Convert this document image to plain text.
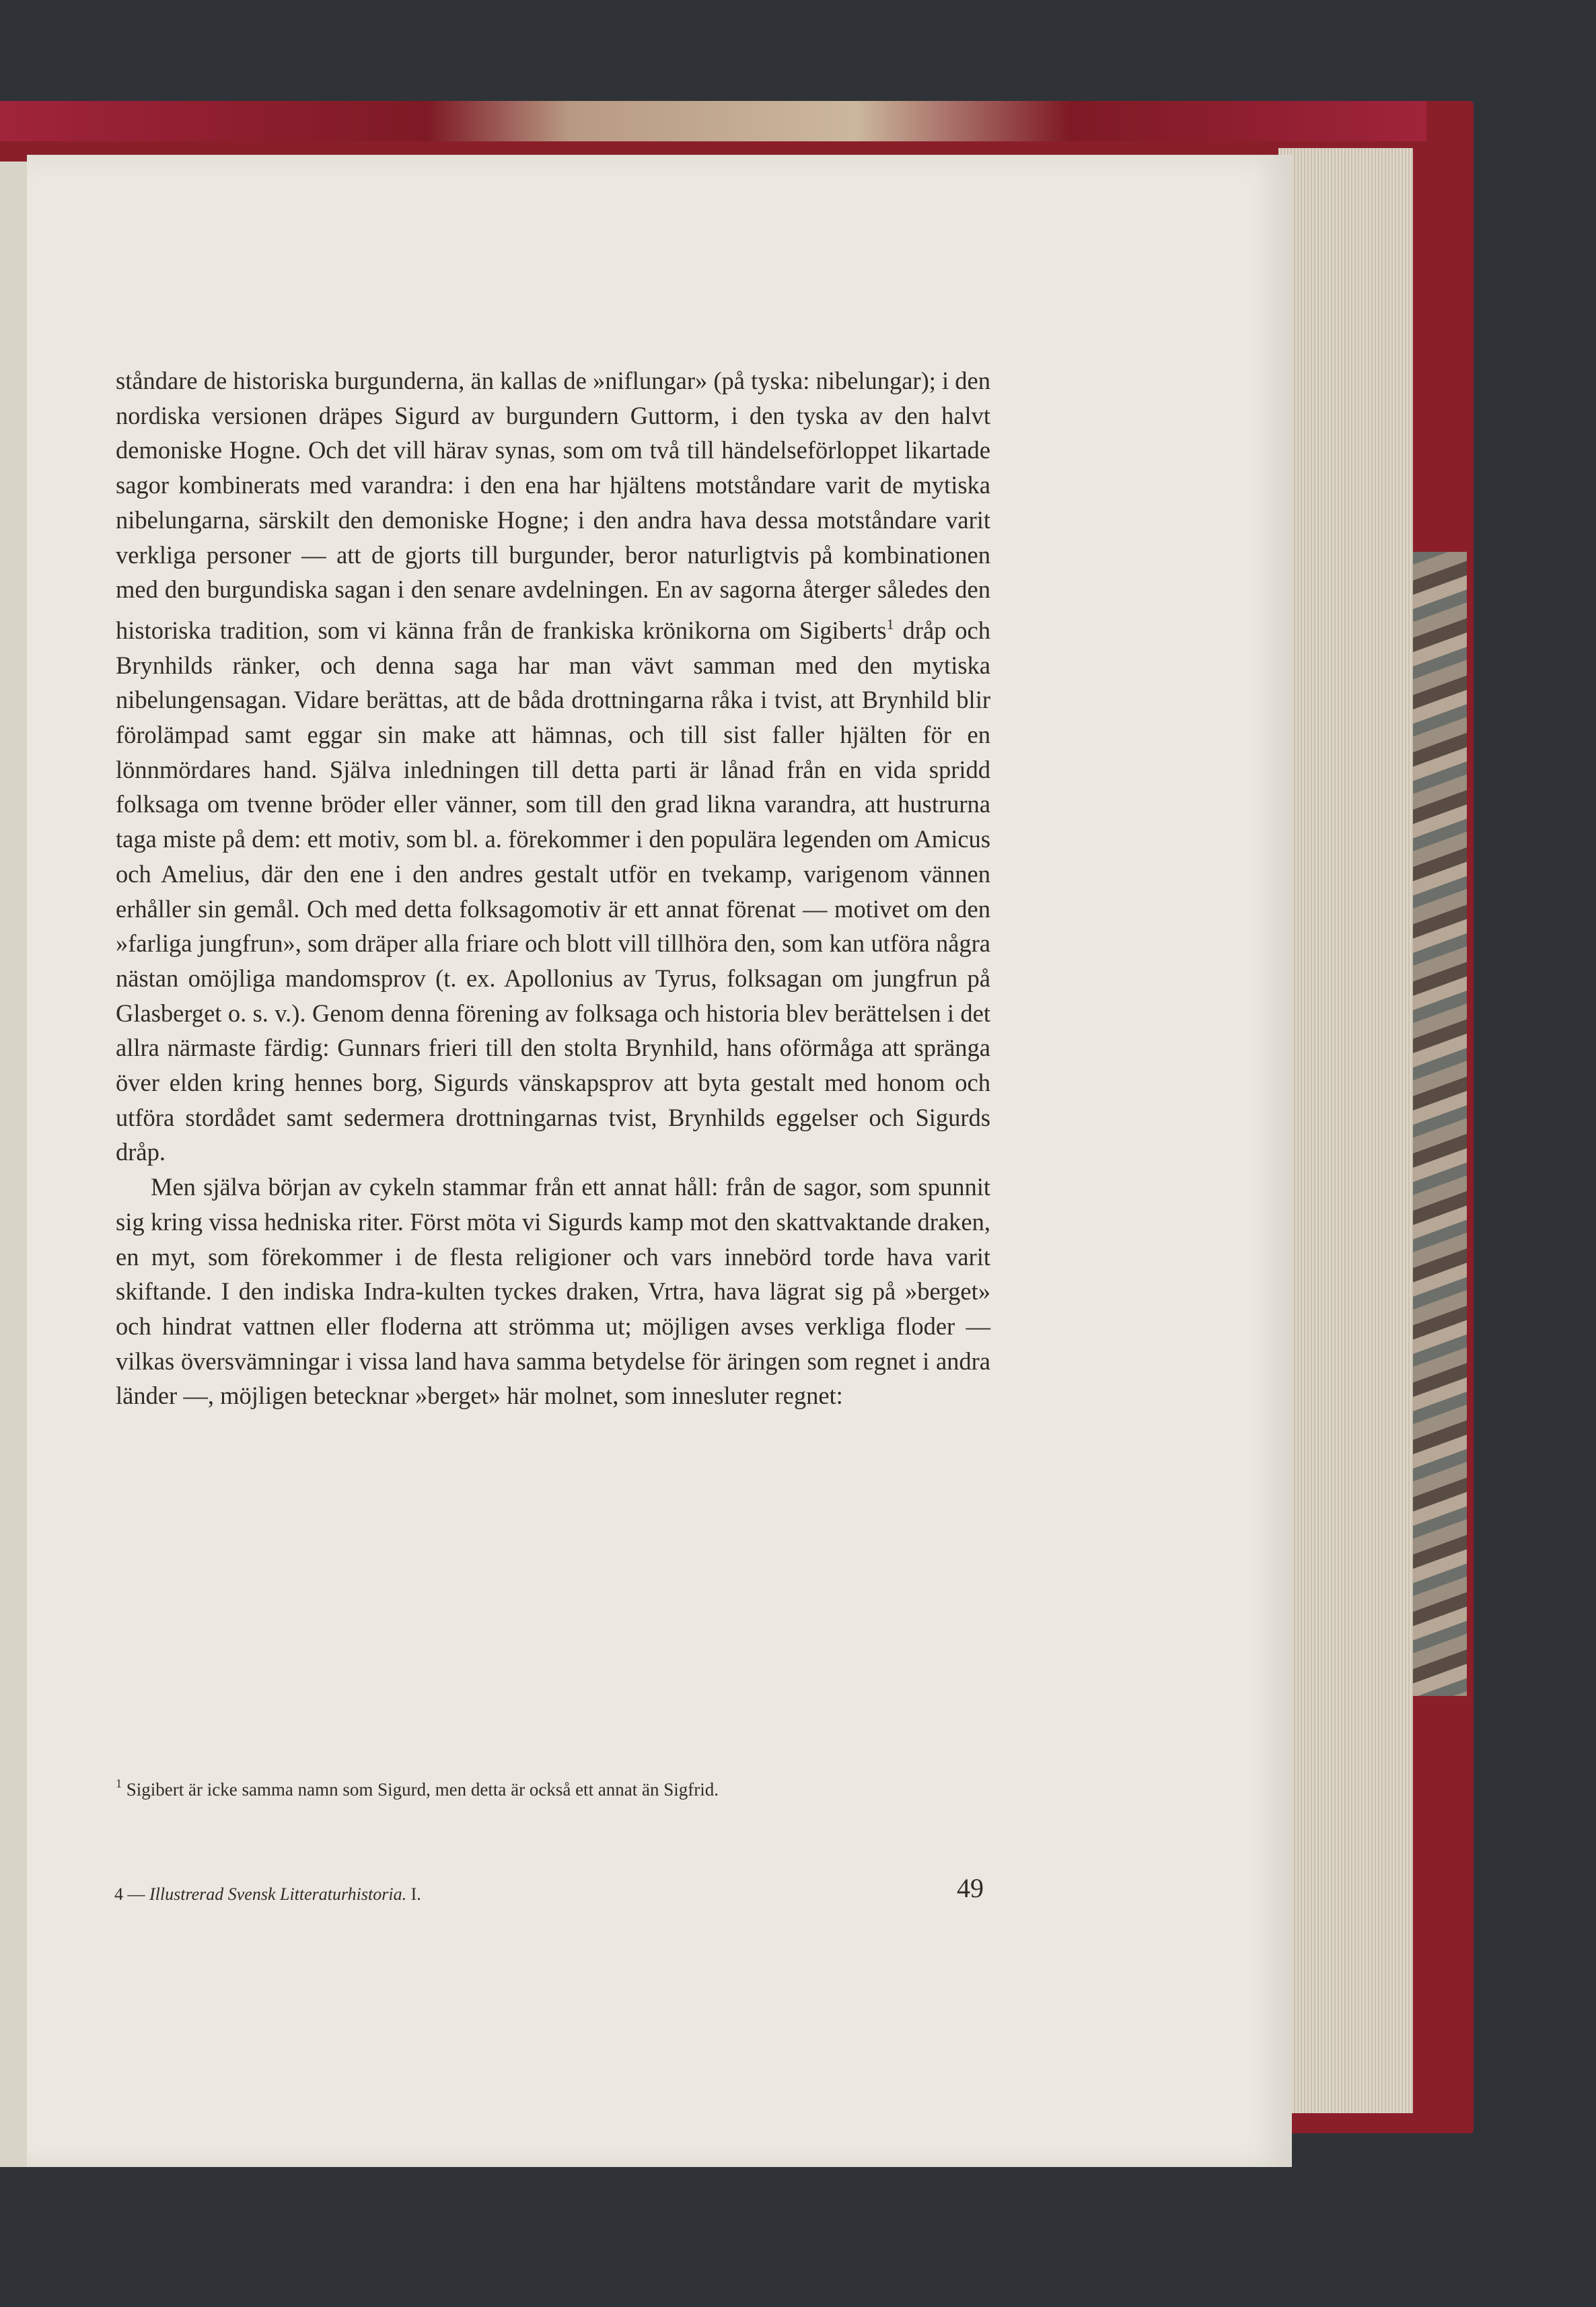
ståndare de historiska burgunderna, än kallas de »niflungar» (på tyska: nibelungar); i den nordiska versionen dräpes Sigurd av burgundern Guttorm, i den tyska av den halvt demoniske Hogne. Och det vill härav synas, som om två till händelseförloppet likartade sagor kombinerats med varandra: i den ena har hjältens motståndare varit de mytiska nibelungarna, särskilt den demoniske Hogne; i den andra hava dessa motståndare varit verkliga personer — att de gjorts till burgunder, beror naturligtvis på kombinationen med den burgundiska sagan i den senare avdelningen. En av sagorna återger således den historiska tradition, som vi känna från de frankiska krönikorna om Sigiberts$^1$ dråp och Brynhilds ränker, och denna saga har man vävt samman med den mytiska nibelungensagan. Vidare berättas, att de båda drottningarna råka i tvist, att Brynhild blir förolämpad samt eggar sin make att hämnas, och till sist faller hjälten för en lönnmördares hand. Själva inledningen till detta parti är lånad från en vida spridd folksaga om tvenne bröder eller vänner, som till den grad likna varandra, att hustrurna taga miste på dem: ett motiv, som bl. a. förekommer i den populära legenden om Amicus och Amelius, där den ene i den andres gestalt utför en tvekamp, varigenom vännen erhåller sin gemål. Och med detta folksagomotiv är ett annat förenat — motivet om den »farliga jungfrun», som dräper alla friare och blott vill tillhöra den, som kan utföra några nästan omöjliga mandomsprov (t. ex. Apollonius av Tyrus, folksagan om jungfrun på Glasberget o. s. v.). Genom denna förening av folksaga och historia blev berättelsen i det allra närmaste färdig: Gunnars frieri till den stolta Brynhild, hans oförmåga att spränga över elden kring hennes borg, Sigurds vänskapsprov att byta gestalt med honom och utföra stordådet samt sedermera drottningarnas tvist, Brynhilds eggelser och Sigurds dråp.

Men själva början av cykeln stammar från ett annat håll: från de sagor, som spunnit sig kring vissa hedniska riter. Först möta vi Sigurds kamp mot den skattvaktande draken, en myt, som förekommer i de flesta religioner och vars innebörd torde hava varit skiftande. I den indiska Indra-kulten tyckes draken, Vrtra, hava lägrat sig på »berget» och hindrat vattnen eller floderna att strömma ut; möjligen avses verkliga floder — vilkas översvämningar i vissa land hava samma betydelse för äringen som regnet i andra länder —, möjligen betecknar »berget» här molnet, som innesluter regnet:

$^1$ Sigibert är icke samma namn som Sigurd, men detta är också ett annat än Sigfrid.
4 — Illustrerad Svensk Litteraturhistoria. I.	49
